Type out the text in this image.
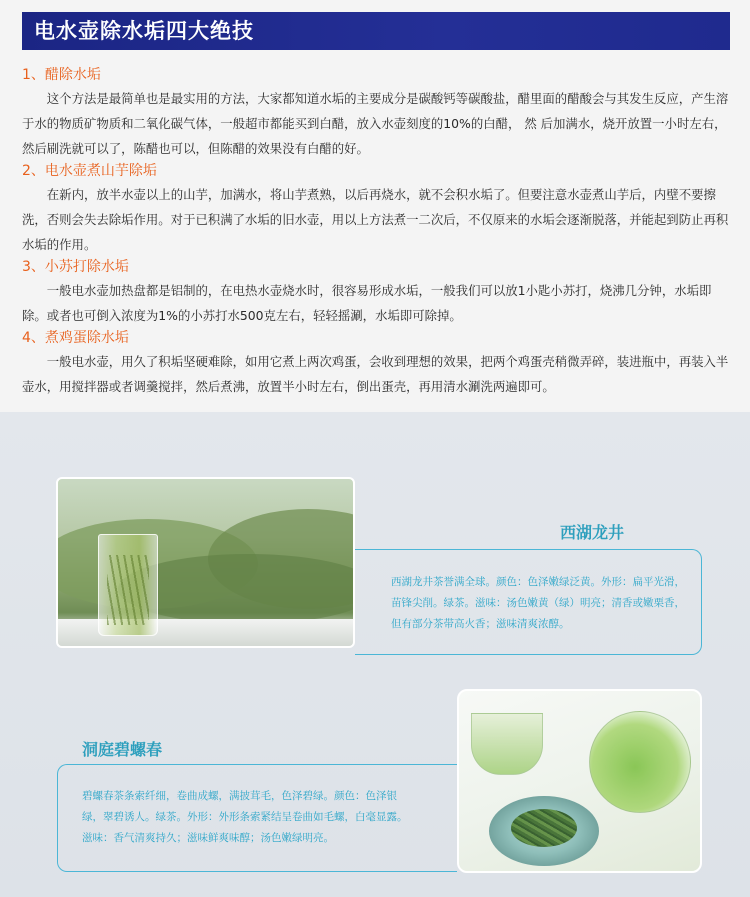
电水壶除水垢四大绝技
1、醋除水垢

这个方法是最简单也是最实用的方法，大家都知道水垢的主要成分是碳酸钙等碳酸盐，醋里面的醋酸会与其发生反应，产生溶于水的物质矿物质和二氧化碳气体，一般超市都能买到白醋，放入水壶刻度的10%的白醋， 然 后加满水，烧开放置一小时左右，然后刷洗就可以了，陈醋也可以，但陈醋的效果没有白醋的好。

2、电水壶煮山芋除垢

在新内，放半水壶以上的山芋，加满水，将山芋煮熟，以后再烧水，就不会积水垢了。但要注意水壶煮山芋后，内壁不要擦洗，否则会失去除垢作用。对于已积满了水垢的旧水壶，用以上方法煮一二次后，不仅原来的水垢会逐渐脱落，并能起到防止再积水垢的作用。

3、小苏打除水垢

一般电水壶加热盘都是铝制的，在电热水壶烧水时，很容易形成水垢，一般我们可以放1小匙小苏打，烧沸几分钟，水垢即除。或者也可倒入浓度为1%的小苏打水500克左右，轻轻摇涮，水垢即可除掉。

4、煮鸡蛋除水垢

一般电水壶，用久了积垢坚硬难除，如用它煮上两次鸡蛋，会收到理想的效果，把两个鸡蛋壳稍微弄碎，装进瓶中，再装入半壶水，用搅拌器或者调羹搅拌，然后煮沸，放置半小时左右，倒出蛋壳，再用清水涮洗两遍即可。

西湖龙井
西湖龙井茶誉满全球。颜色：色泽嫩绿泛黄。外形：扁平光滑，苗锋尖削。绿茶。滋味：汤色嫩黄（绿）明亮；清香或嫩栗香，但有部分茶带高火香；滋味清爽浓醇。
洞庭碧螺春
碧螺春茶条索纤细，卷曲成螺，满披茸毛，色泽碧绿。颜色：色泽银绿，翠碧诱人。绿茶。外形：外形条索紧结呈卷曲如毛螺，白毫显露。滋味：香气清爽持久；滋味鲜爽味醇；汤色嫩绿明亮。
